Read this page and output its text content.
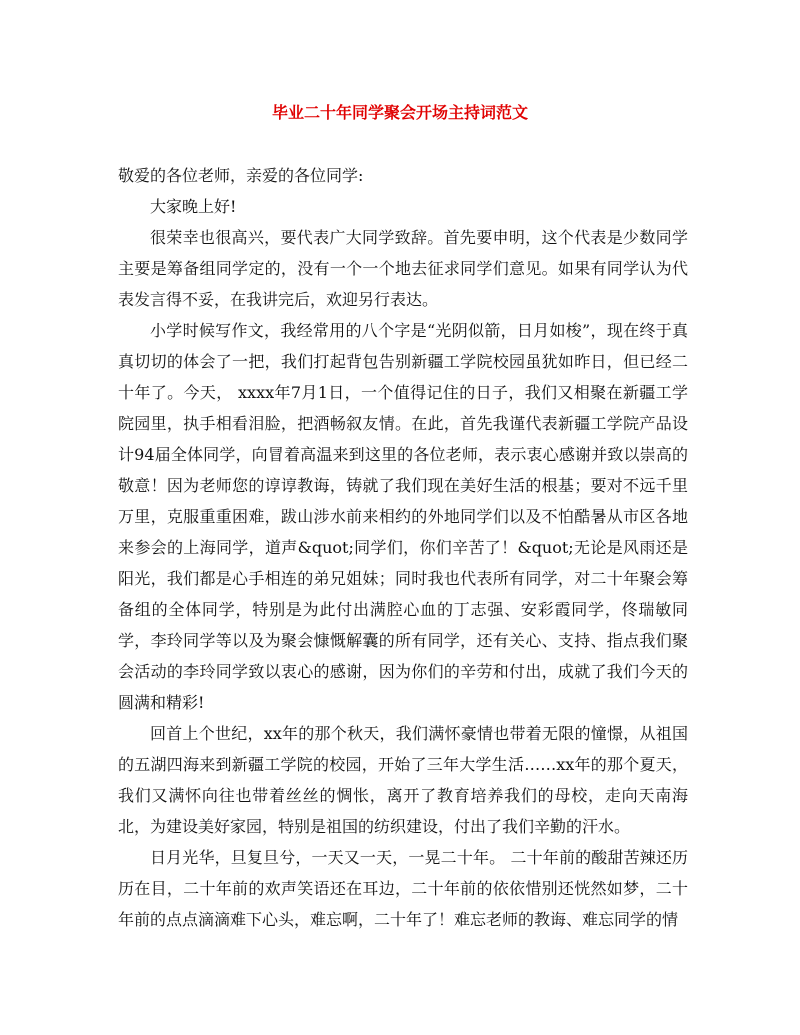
毕业二十年同学聚会开场主持词范文

敬爱的各位老师，亲爱的各位同学:

大家晚上好!

很荣幸也很高兴，要代表广大同学致辞。首先要申明，这个代表是少数同学主要是筹备组同学定的，没有一个一个地去征求同学们意见。如果有同学认为代表发言得不妥，在我讲完后，欢迎另行表达。

小学时候写作文，我经常用的八个字是“光阴似箭，日月如梭”，现在终于真真切切的体会了一把，我们打起背包告别新疆工学院校园虽犹如昨日，但已经二十年了。今天， xxxx年7月1日，一个值得记住的日子，我们又相聚在新疆工学院园里，执手相看泪脸，把酒畅叙友情。在此，首先我谨代表新疆工学院产品设计94届全体同学，向冒着高温来到这里的各位老师，表示衷心感谢并致以崇高的敬意！因为老师您的谆谆教诲，铸就了我们现在美好生活的根基；要对不远千里万里，克服重重困难，跋山涉水前来相约的外地同学们以及不怕酷暑从市区各地来参会的上海同学，道声&quot;同学们，你们辛苦了！&quot;无论是风雨还是阳光，我们都是心手相连的弟兄姐妹；同时我也代表所有同学，对二十年聚会筹备组的全体同学，特别是为此付出满腔心血的丁志强、安彩霞同学，佟瑞敏同学，李玲同学等以及为聚会慷慨解囊的所有同学，还有关心、支持、指点我们聚会活动的李玲同学致以衷心的感谢，因为你们的辛劳和付出，成就了我们今天的圆满和精彩!

回首上个世纪，xx年的那个秋天，我们满怀豪情也带着无限的憧憬，从祖国的五湖四海来到新疆工学院的校园，开始了三年大学生活……xx年的那个夏天，我们又满怀向往也带着丝丝的惆怅，离开了教育培养我们的母校，走向天南海北，为建设美好家园，特别是祖国的纺织建设，付出了我们辛勤的汗水。

日月光华，旦复旦兮，一天又一天，一晃二十年。 二十年前的酸甜苦辣还历历在目，二十年前的欢声笑语还在耳边，二十年前的依依惜别还恍然如梦，二十年前的点点滴滴难下心头，难忘啊，二十年了！难忘老师的教诲、难忘同学的情
